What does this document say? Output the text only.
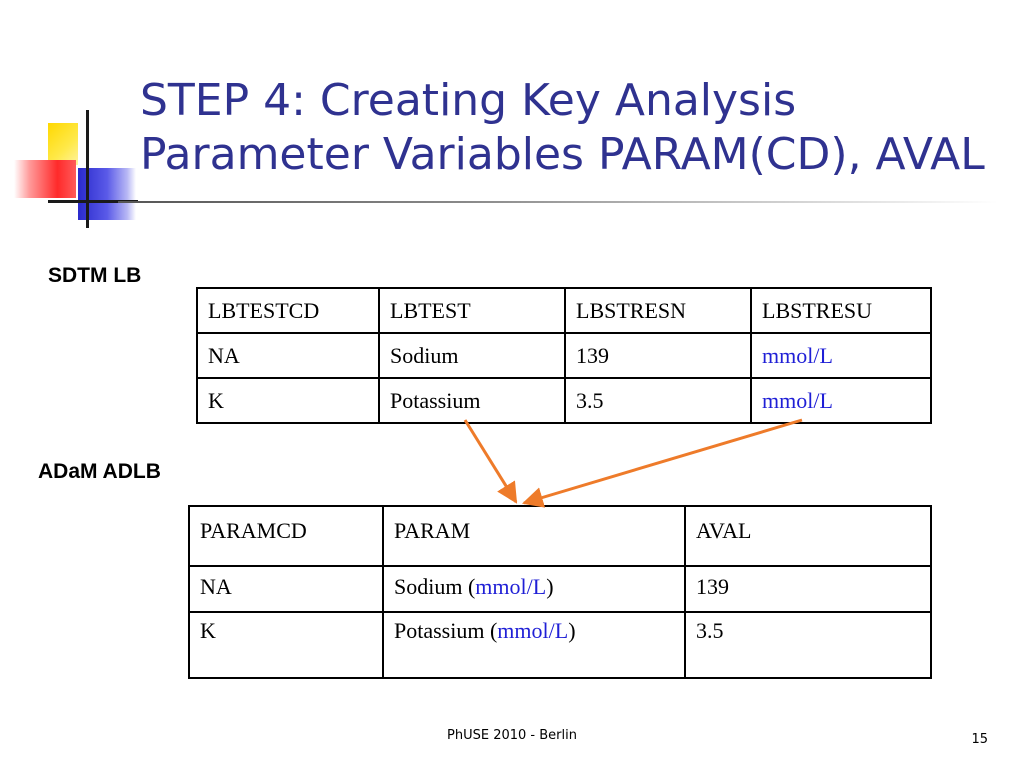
STEP 4: Creating Key Analysis
Parameter Variables PARAM(CD), AVAL
SDTM LB
LBTESTCD	LBTEST	LBSTRESN	LBSTRESU
NA	Sodium	139	mmol/L
K	Potassium	3.5	mmol/L
ADaM ADLB
PARAMCD	PARAM	AVAL
NA	Sodium (mmol/L)	139
K	Potassium (mmol/L)	3.5
PhUSE 2010 - Berlin	15
